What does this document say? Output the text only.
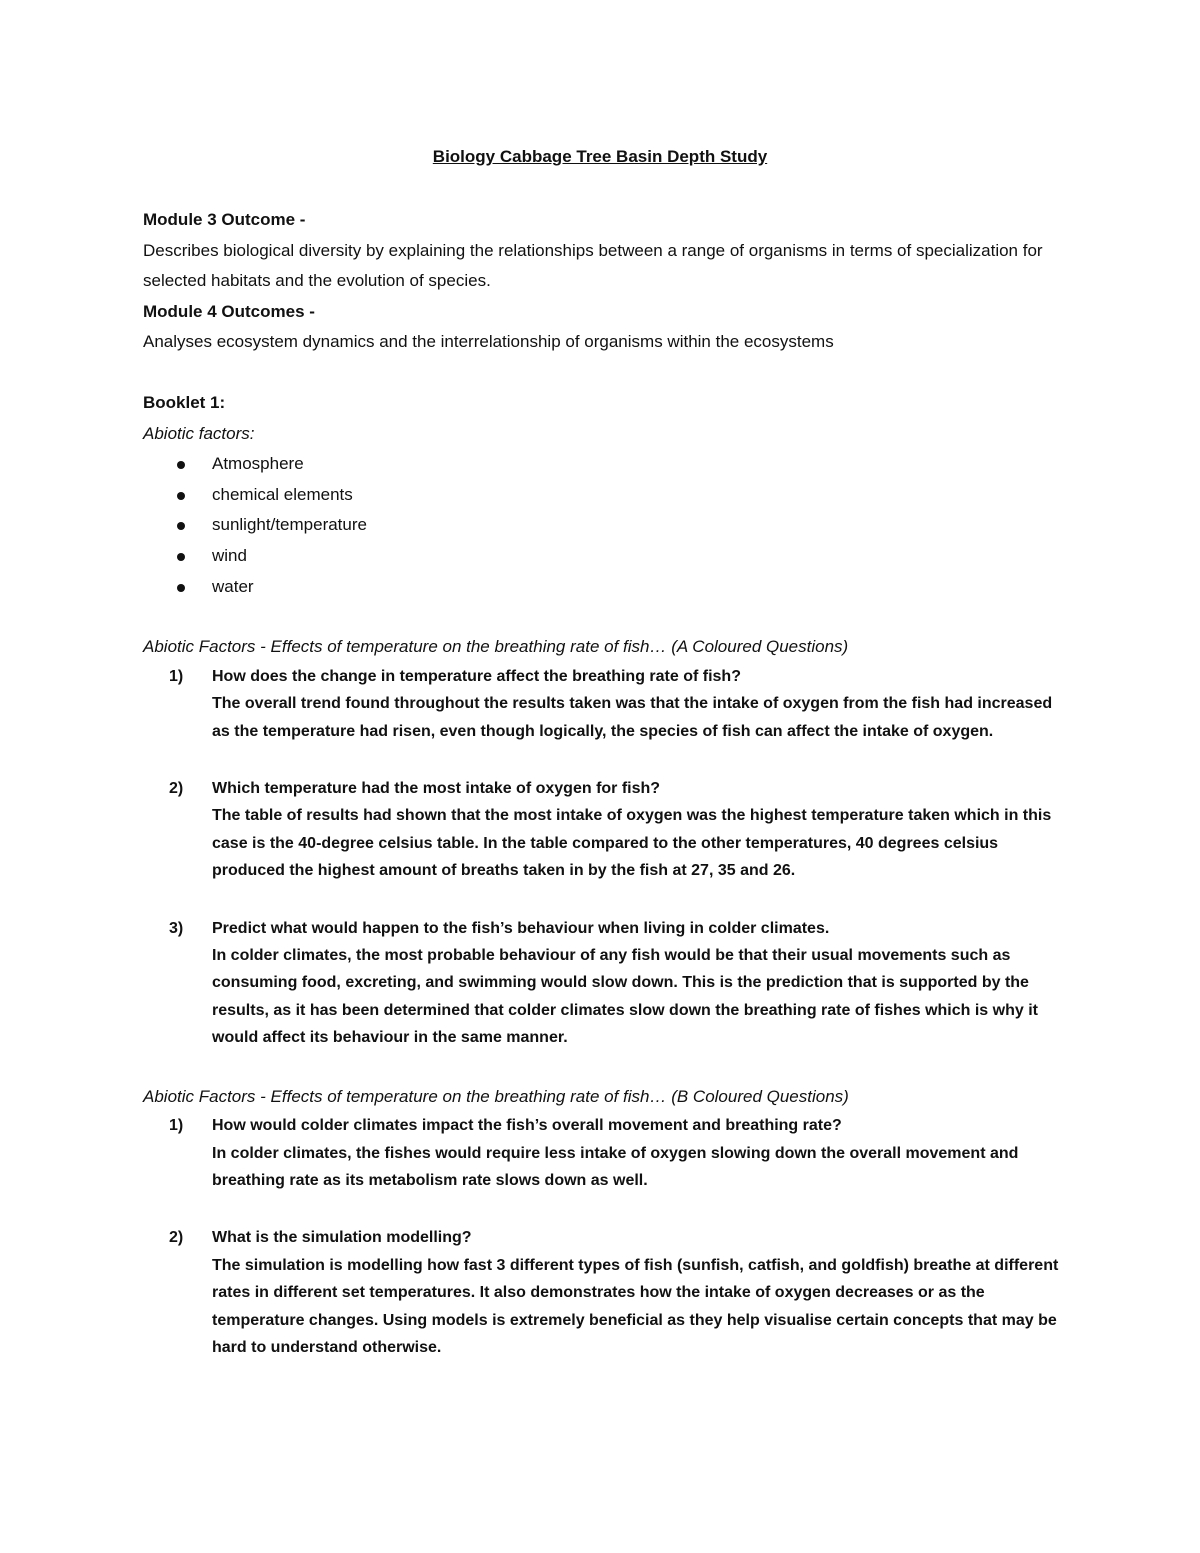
Biology Cabbage Tree Basin Depth Study

Module 3 Outcome -

Describes biological diversity by explaining the relationships between a range of organisms in terms of specialization for selected habitats and the evolution of species.

Module 4 Outcomes -

Analyses ecosystem dynamics and the interrelationship of organisms within the ecosystems

Booklet 1:

Abiotic factors:

Atmosphere
chemical elements
sunlight/temperature
wind
water

Abiotic Factors - Effects of temperature on the breathing rate of fish… (A Coloured Questions)

1) How does the change in temperature affect the breathing rate of fish?
The overall trend found throughout the results taken was that the intake of oxygen from the fish had increased as the temperature had risen, even though logically, the species of fish can affect the intake of oxygen.
2) Which temperature had the most intake of oxygen for fish?
The table of results had shown that the most intake of oxygen was the highest temperature taken which in this case is the 40-degree celsius table. In the table compared to the other temperatures, 40 degrees celsius produced the highest amount of breaths taken in by the fish at 27, 35 and 26.
3) Predict what would happen to the fish’s behaviour when living in colder climates.
In colder climates, the most probable behaviour of any fish would be that their usual movements such as consuming food, excreting, and swimming would slow down. This is the prediction that is supported by the results, as it has been determined that colder climates slow down the breathing rate of fishes which is why it would affect its behaviour in the same manner.

Abiotic Factors - Effects of temperature on the breathing rate of fish… (B Coloured Questions)

1) How would colder climates impact the fish’s overall movement and breathing rate?
In colder climates, the fishes would require less intake of oxygen slowing down the overall movement and breathing rate as its metabolism rate slows down as well.
2) What is the simulation modelling?
The simulation is modelling how fast 3 different types of fish (sunfish, catfish, and goldfish) breathe at different rates in different set temperatures. It also demonstrates how the intake of oxygen decreases or as the temperature changes. Using models is extremely beneficial as they help visualise certain concepts that may be hard to understand otherwise.
